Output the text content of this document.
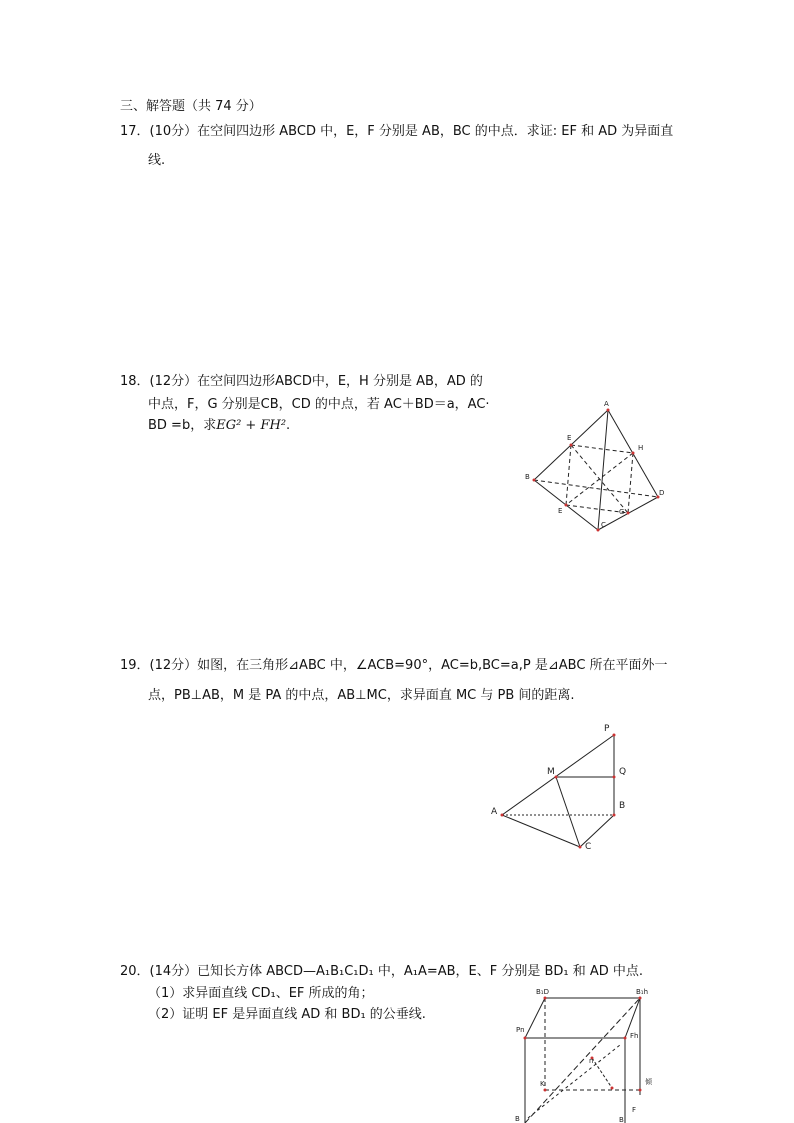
三、解答题（共 74 分）
17．(10分）在空间四边形 ABCD 中，E，F 分别是 AB，BC 的中点．求证: EF 和 AD 为异面直
线.
18．(12分）在空间四边形ABCD中，E，H 分别是 AB，AD 的
中点，F，G 分别是CB，CD 的中点，若 AC＋BD＝a，AC·
BD =b，求EG² + FH².
19．(12分）如图，在三角形⊿ABC 中，∠ACB=90°，AC=b,BC=a,P 是⊿ABC 所在平面外一
点，PB⊥AB，M 是 PA 的中点，AB⊥MC，求异面直 MC 与 PB 间的距离.
20．(14分）已知长方体 ABCD—A₁B₁C₁D₁ 中，A₁A=AB，E、F 分别是 BD₁ 和 AD 中点.
（1）求异面直线 CD₁、EF 所成的角；
（2）证明 EF 是异面直线 AD 和 BD₁ 的公垂线.
A
B
C
D
E
H
E	G
P
M	Q
B
A
C
B₁D	B₁h
Pn
Fh
n
K	倾
B
F
B
